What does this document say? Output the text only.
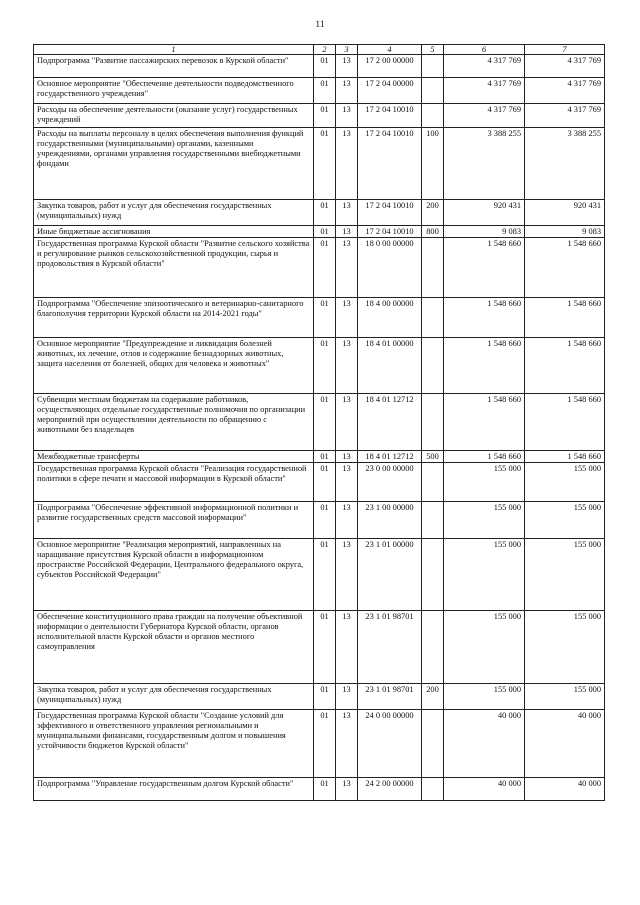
11
1	2	3	4	5	6	7
Подпрограмма "Развитие пассажирских перевозок в Курской области"	01	13	17 2 00 00000		4 317 769	4 317 769
Основное мероприятие "Обеспечение деятельности подведомственного государственного учреждения"	01	13	17 2 04 00000		4 317 769	4 317 769
Расходы на обеспечение деятельности (оказание услуг) государственных учреждений	01	13	17 2 04 10010		4 317 769	4 317 769
Расходы на выплаты персоналу в целях обеспечения выполнения функций государственными (муниципальными) органами, казенными учреждениями, органами управления государственными внебюджетными фондами	01	13	17 2 04 10010	100	3 388 255	3 388 255
Закупка товаров, работ и услуг для обеспечения государственных (муниципальных) нужд	01	13	17 2 04 10010	200	920 431	920 431
Иные бюджетные ассигнования	01	13	17 2 04 10010	800	9 083	9 083
Государственная программа Курской области "Развитие сельского хозяйства и регулирование рынков сельскохозяйственной продукции, сырья и продовольствия в Курской области"	01	13	18 0 00 00000		1 548 660	1 548 660
Подпрограмма "Обеспечение эпизоотического и ветеринарно-санитарного благополучия территории Курской области на 2014-2021 годы"	01	13	18 4 00 00000		1 548 660	1 548 660
Основное мероприятие "Предупреждение и ликвидация болезней животных, их лечение, отлов и содержание безнадзорных животных, защита населения от болезней, общих для человека и животных"	01	13	18 4 01 00000		1 548 660	1 548 660
Субвенции местным бюджетам на содержание работников, осуществляющих отдельные государственные полномочия по организации мероприятий при осуществлении деятельности по обращению с животными без владельцев	01	13	18 4 01 12712		1 548 660	1 548 660
Межбюджетные трансферты	01	13	18 4 01 12712	500	1 548 660	1 548 660
Государственная программа Курской области "Реализация государственной политики в сфере печати и массовой информации в Курской области"	01	13	23 0 00 00000		155 000	155 000
Подпрограмма "Обеспечение эффективной информационной политики и развитие государственных средств массовой информации"	01	13	23 1 00 00000		155 000	155 000
Основное мероприятие "Реализация мероприятий, направленных на наращивание присутствия Курской области в информационном пространстве Российской Федерации, Центрального федерального округа, субъектов Российской Федерации"	01	13	23 1 01 00000		155 000	155 000
Обеспечение конституционного права граждан на получение объективной информации о деятельности Губернатора Курской области, органов исполнительной власти Курской области и органов местного самоуправления	01	13	23 1 01 98701		155 000	155 000
Закупка товаров, работ и услуг для обеспечения государственных (муниципальных) нужд	01	13	23 1 01 98701	200	155 000	155 000
Государственная программа Курской области "Создание условий для эффективного и ответственного управления региональными и муниципальными финансами, государственным долгом и повышения устойчивости бюджетов Курской области"	01	13	24 0 00 00000		40 000	40 000
Подпрограмма "Управление государственным долгом Курской области"	01	13	24 2 00 00000		40 000	40 000
